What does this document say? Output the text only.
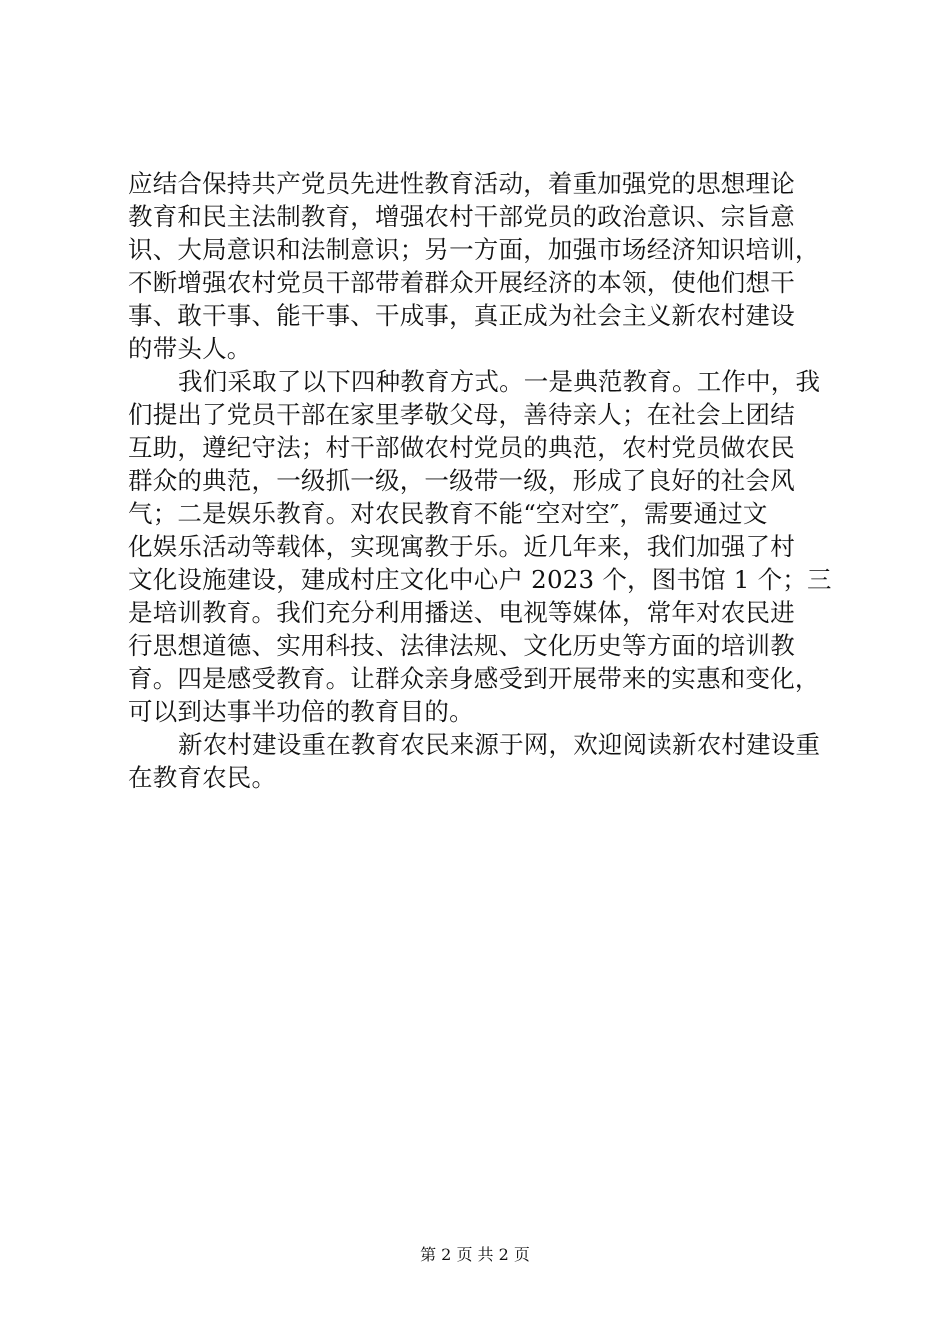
应结合保持共产党员先进性教育活动，着重加强党的思想理论
教育和民主法制教育，增强农村干部党员的政治意识、宗旨意
识、大局意识和法制意识；另一方面，加强市场经济知识培训，
不断增强农村党员干部带着群众开展经济的本领，使他们想干
事、敢干事、能干事、干成事，真正成为社会主义新农村建设
的带头人。
我们采取了以下四种教育方式。一是典范教育。工作中，我
们提出了党员干部在家里孝敬父母，善待亲人；在社会上团结
互助，遵纪守法；村干部做农村党员的典范，农村党员做农民
群众的典范，一级抓一级，一级带一级，形成了良好的社会风
气；二是娱乐教育。对农民教育不能“空对空″，需要通过文
化娱乐活动等载体，实现寓教于乐。近几年来，我们加强了村
文化设施建设，建成村庄文化中心户 2023 个，图书馆 1 个；三
是培训教育。我们充分利用播送、电视等媒体，常年对农民进
行思想道德、实用科技、法律法规、文化历史等方面的培训教
育。四是感受教育。让群众亲身感受到开展带来的实惠和变化，
可以到达事半功倍的教育目的。
新农村建设重在教育农民来源于网，欢迎阅读新农村建设重
在教育农民。
第 2 页 共 2 页
